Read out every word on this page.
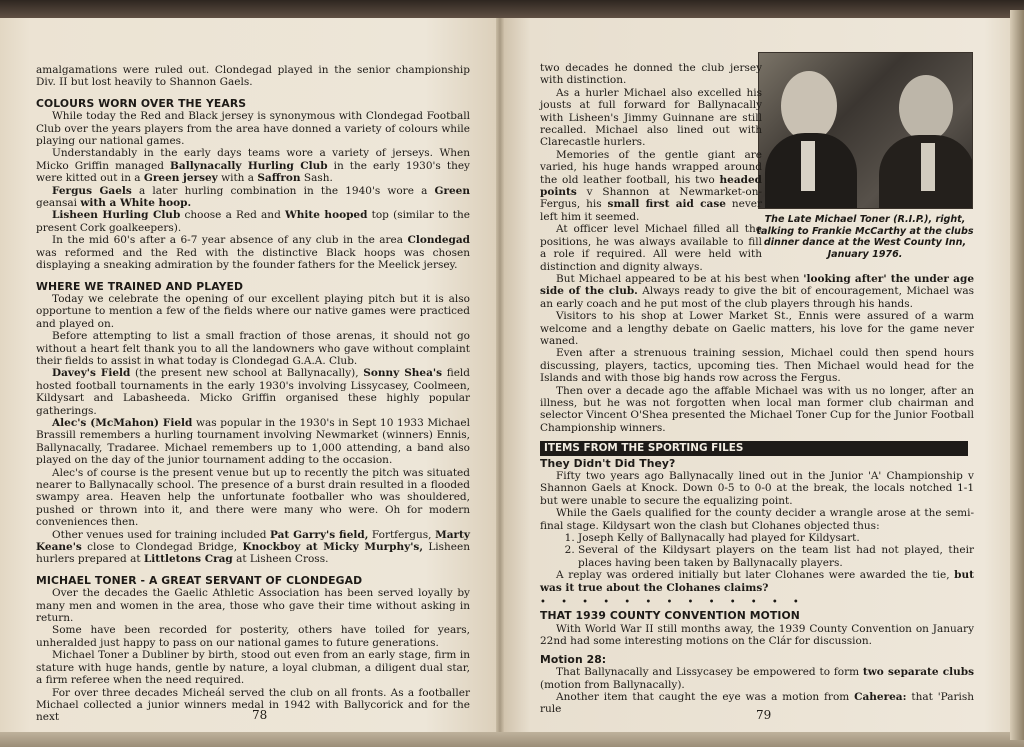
amalgamations were ruled out. Clondegad played in the senior championship Div. II but lost heavily to Shannon Gaels.

COLOURS WORN OVER THE YEARS

While today the Red and Black jersey is synonymous with Clondegad Football Club over the years players from the area have donned a variety of colours while playing our national games.

Understandably in the early days teams wore a variety of jerseys. When Micko Griffin managed Ballynacally Hurling Club in the early 1930's they were kitted out in a Green jersey with a Saffron Sash.

Fergus Gaels a later hurling combination in the 1940's wore a Green geansai with a White hoop.

Lisheen Hurling Club choose a Red and White hooped top (similar to the present Cork goalkeepers).

In the mid 60's after a 6-7 year absence of any club in the area Clondegad was reformed and the Red with the distinctive Black hoops was chosen displaying a sneaking admiration by the founder fathers for the Meelick jersey.

WHERE WE TRAINED AND PLAYED

Today we celebrate the opening of our excellent playing pitch but it is also opportune to mention a few of the fields where our native games were practiced and played on.

Before attempting to list a small fraction of those arenas, it should not go without a heart felt thank you to all the landowners who gave without complaint their fields to assist in what today is Clondegad G.A.A. Club.

Davey's Field (the present new school at Ballynacally), Sonny Shea's field hosted football tournaments in the early 1930's involving Lissycasey, Coolmeen, Kildysart and Labasheeda. Micko Griffin organised these highly popular gatherings.

Alec's (McMahon) Field was popular in the 1930's in Sept 10 1933 Michael Brassill remembers a hurling tournament involving Newmarket (winners) Ennis, Ballynacally, Tradaree. Michael remembers up to 1,000 attending, a band also played on the day of the junior tournament adding to the occasion.

Alec's of course is the present venue but up to recently the pitch was situated nearer to Ballynacally school. The presence of a burst drain resulted in a flooded swampy area. Heaven help the unfortunate footballer who was shouldered, pushed or thrown into it, and there were many who were. Oh for modern conveniences then.

Other venues used for training included Pat Garry's field, Fortfergus, Marty Keane's close to Clondegad Bridge, Knockboy at Micky Murphy's, Lisheen hurlers prepared at Littletons Crag at Lisheen Cross.

MICHAEL TONER - A GREAT SERVANT OF CLONDEGAD

Over the decades the Gaelic Athletic Association has been served loyally by many men and women in the area, those who gave their time without asking in return.

Some have been recorded for posterity, others have toiled for years, unheralded just happy to pass on our national games to future generations.

Michael Toner a Dubliner by birth, stood out even from an early stage, firm in stature with huge hands, gentle by nature, a loyal clubman, a diligent dual star, a firm referee when the need required.

For over three decades Micheál served the club on all fronts. As a footballer Michael collected a junior winners medal in 1942 with Ballycorick and for the next	78
The Late Michael Toner (R.I.P.), right, talking to Frankie McCarthy at the clubs dinner dance at the West County Inn, January 1976.

two decades he donned the club jersey with distinction.

As a hurler Michael also excelled his jousts at full forward for Ballynacally with Lisheen's Jimmy Guinnane are still recalled. Michael also lined out with Clarecastle hurlers.

Memories of the gentle giant are varied, his huge hands wrapped around the old leather football, his two headed points v Shannon at Newmarket-on-Fergus, his small first aid case never left him it seemed.

At officer level Michael filled all the positions, he was always available to fill a role if required. All were held with distinction and dignity always.

But Michael appeared to be at his best when 'looking after' the under age side of the club. Always ready to give the bit of encouragement, Michael was an early coach and he put most of the club players through his hands.

Visitors to his shop at Lower Market St., Ennis were assured of a warm welcome and a lengthy debate on Gaelic matters, his love for the game never waned.

Even after a strenuous training session, Michael could then spend hours discussing, players, tactics, upcoming ties. Then Michael would head for the Islands and with those big hands row across the Fergus.

Then over a decade ago the affable Michael was with us no longer, after an illness, but he was not forgotten when local man former club chairman and selector Vincent O'Shea presented the Michael Toner Cup for the Junior Football Championship winners.

ITEMS FROM THE SPORTING FILES
They Didn't Did They?

Fifty two years ago Ballynacally lined out in the Junior 'A' Championship v Shannon Gaels at Knock. Down 0-5 to 0-0 at the break, the locals notched 1-1 but were unable to secure the equalizing point.

While the Gaels qualified for the county decider a wrangle arose at the semi-final stage. Kildysart won the clash but Clohanes objected thus:

1. Joseph Kelly of Ballynacally had played for Kildysart.
2. Several of the Kildysart players on the team list had not played, their places having been taken by Ballynacally players.

A replay was ordered initially but later Clohanes were awarded the tie, but was it true about the Clohanes claims?

• • • • • • • • • • • • •
THAT 1939 COUNTY CONVENTION MOTION

With World War II still months away, the 1939 County Convention on January 22nd had some interesting motions on the Clár for discussion.

Motion 28:

That Ballynacally and Lissycasey be empowered to form two separate clubs (motion from Ballynacally).

Another item that caught the eye was a motion from Caherea: that 'Parish rule	79
